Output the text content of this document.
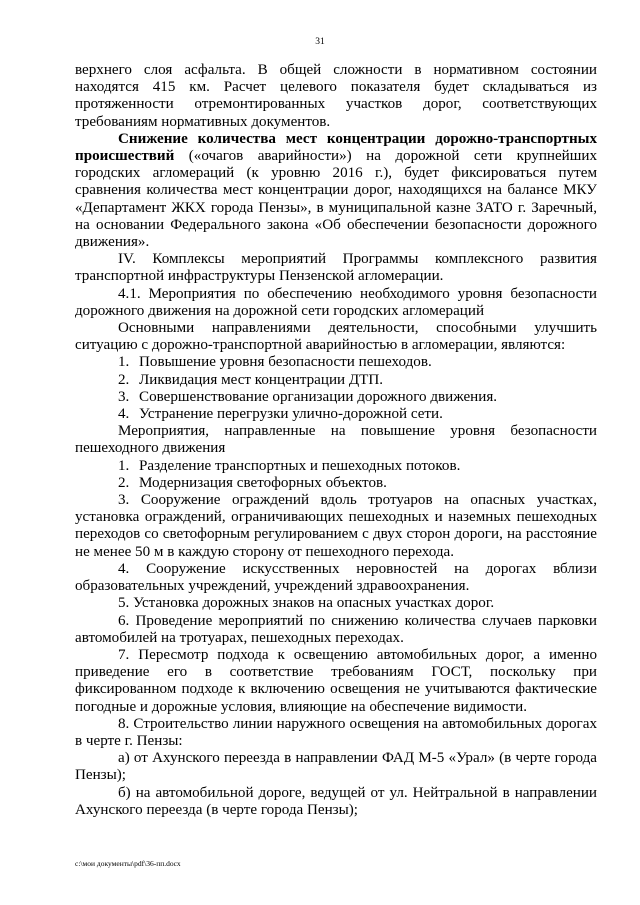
31

верхнего слоя асфальта. В общей сложности в нормативном состоянии находятся 415 км. Расчет целевого показателя будет складываться из протяженности отремонтированных участков дорог, соответствующих требованиям нормативных документов.

Снижение количества мест концентрации дорожно-транспортных происшествий («очагов аварийности») на дорожной сети крупнейших городских агломераций (к уровню 2016 г.), будет фиксироваться путем сравнения количества мест концентрации дорог, находящихся на балансе МКУ «Департамент ЖКХ города Пензы», в муниципальной казне ЗАТО г. Заречный, на основании Федерального закона «Об обеспечении безопасности дорожного движения».

IV. Комплексы мероприятий Программы комплексного развития транспортной инфраструктуры Пензенской агломерации.

4.1. Мероприятия по обеспечению необходимого уровня безопасности дорожного движения на дорожной сети городских агломераций

Основными направлениями деятельности, способными улучшить ситуацию с дорожно-транспортной аварийностью в агломерации, являются:

1. Повышение уровня безопасности пешеходов.

2. Ликвидация мест концентрации ДТП.

3. Совершенствование организации дорожного движения.

4. Устранение перегрузки улично-дорожной сети.

Мероприятия, направленные на повышение уровня безопасности пешеходного движения

1. Разделение транспортных и пешеходных потоков.

2. Модернизация светофорных объектов.

3. Сооружение ограждений вдоль тротуаров на опасных участках, установка ограждений, ограничивающих пешеходных и наземных пешеходных переходов со светофорным регулированием с двух сторон дороги, на расстояние не менее 50 м в каждую сторону от пешеходного перехода.

4. Сооружение искусственных неровностей на дорогах вблизи образовательных учреждений, учреждений здравоохранения.

5. Установка дорожных знаков на опасных участках дорог.

6. Проведение мероприятий по снижению количества случаев парковки автомобилей на тротуарах, пешеходных переходах.

7. Пересмотр подхода к освещению автомобильных дорог, а именно приведение его в соответствие требованиям ГОСТ, поскольку при фиксированном подходе к включению освещения не учитываются фактические погодные и дорожные условия, влияющие на обеспечение видимости.

8. Строительство линии наружного освещения на автомобильных дорогах в черте г. Пензы:

а) от Ахунского переезда в направлении ФАД М-5 «Урал» (в черте города Пензы);

б) на автомобильной дороге, ведущей от ул. Нейтральной в направлении Ахунского переезда (в черте города Пензы);

c:\мои документы\pdf\36-пп.docx
